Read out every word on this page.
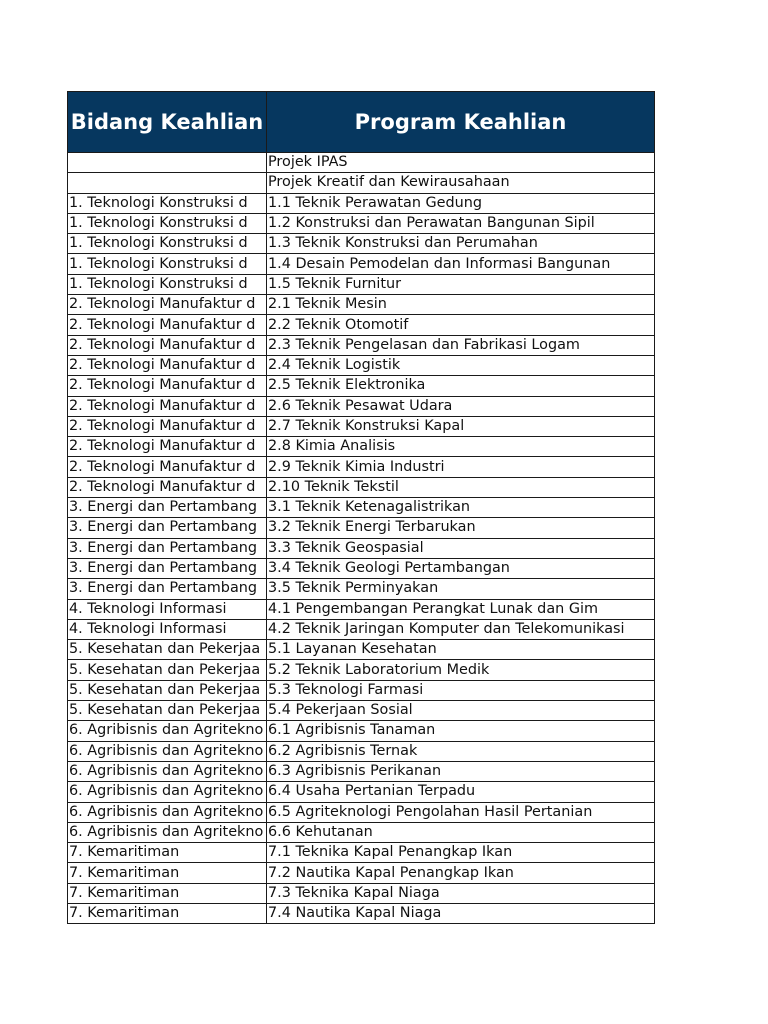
Bidang Keahlian	Program Keahlian
	Projek IPAS
	Projek Kreatif dan Kewirausahaan
1. Teknologi Konstruksi d	1.1 Teknik Perawatan Gedung
1. Teknologi Konstruksi d	1.2 Konstruksi dan Perawatan Bangunan Sipil
1. Teknologi Konstruksi d	1.3 Teknik Konstruksi dan Perumahan
1. Teknologi Konstruksi d	1.4 Desain Pemodelan dan Informasi Bangunan
1. Teknologi Konstruksi d	1.5 Teknik Furnitur
2. Teknologi Manufaktur d	2.1 Teknik Mesin
2. Teknologi Manufaktur d	2.2 Teknik Otomotif
2. Teknologi Manufaktur d	2.3 Teknik Pengelasan dan Fabrikasi Logam
2. Teknologi Manufaktur d	2.4 Teknik Logistik
2. Teknologi Manufaktur d	2.5 Teknik Elektronika
2. Teknologi Manufaktur d	2.6 Teknik Pesawat Udara
2. Teknologi Manufaktur d	2.7 Teknik Konstruksi Kapal
2. Teknologi Manufaktur d	2.8 Kimia Analisis
2. Teknologi Manufaktur d	2.9 Teknik Kimia Industri
2. Teknologi Manufaktur d	2.10 Teknik Tekstil
3. Energi dan Pertambang	3.1 Teknik Ketenagalistrikan
3. Energi dan Pertambang	3.2 Teknik Energi Terbarukan
3. Energi dan Pertambang	3.3 Teknik Geospasial
3. Energi dan Pertambang	3.4 Teknik Geologi Pertambangan
3. Energi dan Pertambang	3.5 Teknik Perminyakan
4. Teknologi Informasi	4.1 Pengembangan Perangkat Lunak dan Gim
4. Teknologi Informasi	4.2 Teknik Jaringan Komputer dan Telekomunikasi
5. Kesehatan dan Pekerjaa	5.1 Layanan Kesehatan
5. Kesehatan dan Pekerjaa	5.2 Teknik Laboratorium Medik
5. Kesehatan dan Pekerjaa	5.3 Teknologi Farmasi
5. Kesehatan dan Pekerjaa	5.4 Pekerjaan Sosial
6. Agribisnis dan Agritekno	6.1 Agribisnis Tanaman
6. Agribisnis dan Agritekno	6.2 Agribisnis Ternak
6. Agribisnis dan Agritekno	6.3 Agribisnis Perikanan
6. Agribisnis dan Agritekno	6.4 Usaha Pertanian Terpadu
6. Agribisnis dan Agritekno	6.5 Agriteknologi Pengolahan Hasil Pertanian
6. Agribisnis dan Agritekno	6.6 Kehutanan
7. Kemaritiman	7.1 Teknika Kapal Penangkap Ikan
7. Kemaritiman	7.2 Nautika Kapal Penangkap Ikan
7. Kemaritiman	7.3 Teknika Kapal Niaga
7. Kemaritiman	7.4 Nautika Kapal Niaga
